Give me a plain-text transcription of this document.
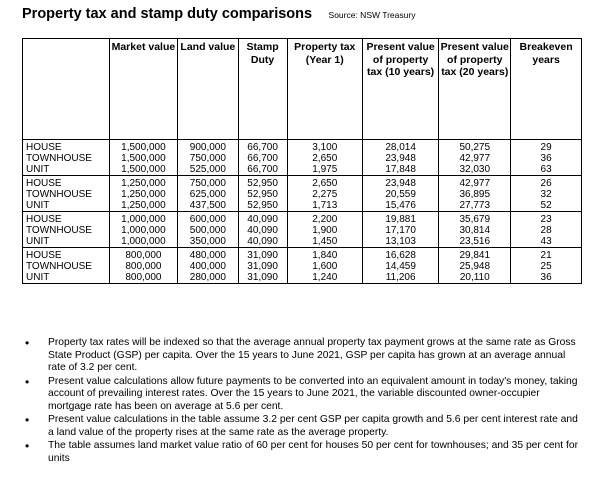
Property tax and stamp duty comparisons Source: NSW Treasury
	Market value	Land value	Stamp Duty	Property tax (Year 1)	Present value of property tax (10 years)	Present value of property tax (20 years)	Breakeven years
HOUSE	1,500,000	900,000	66,700	3,100	28,014	50,275	29
TOWNHOUSE	1,500,000	750,000	66,700	2,650	23,948	42,977	36
UNIT	1,500,000	525,000	66,700	1,975	17,848	32,030	63
HOUSE	1,250,000	750,000	52,950	2,650	23,948	42,977	26
TOWNHOUSE	1,250,000	625,000	52,950	2,275	20,559	36,895	32
UNIT	1,250,000	437,500	52,950	1,713	15,476	27,773	52
HOUSE	1,000,000	600,000	40,090	2,200	19,881	35,679	23
TOWNHOUSE	1,000,000	500,000	40,090	1,900	17,170	30,814	28
UNIT	1,000,000	350,000	40,090	1,450	13,103	23,516	43
HOUSE	800,000	480,000	31,090	1,840	16,628	29,841	21
TOWNHOUSE	800,000	400,000	31,090	1,600	14,459	25,948	25
UNIT	800,000	280,000	31,090	1,240	11,206	20,110	36
• Property tax rates will be indexed so that the average annual property tax payment grows at the same rate as Gross State Product (GSP) per capita. Over the 15 years to June 2021, GSP per capita has grown at an average annual rate of 3.2 per cent.
• Present value calculations allow future payments to be converted into an equivalent amount in today's money, taking account of prevailing interest rates. Over the 15 years to June 2021, the variable discounted owner-occupier mortgage rate has been on average at 5.6 per cent.
• Present value calculations in the table assume 3.2 per cent GSP per capita growth and 5.6 per cent interest rate and a land value of the property rises at the same rate as the average property.
• The table assumes land market value ratio of 60 per cent for houses 50 per cent for townhouses; and 35 per cent for units
